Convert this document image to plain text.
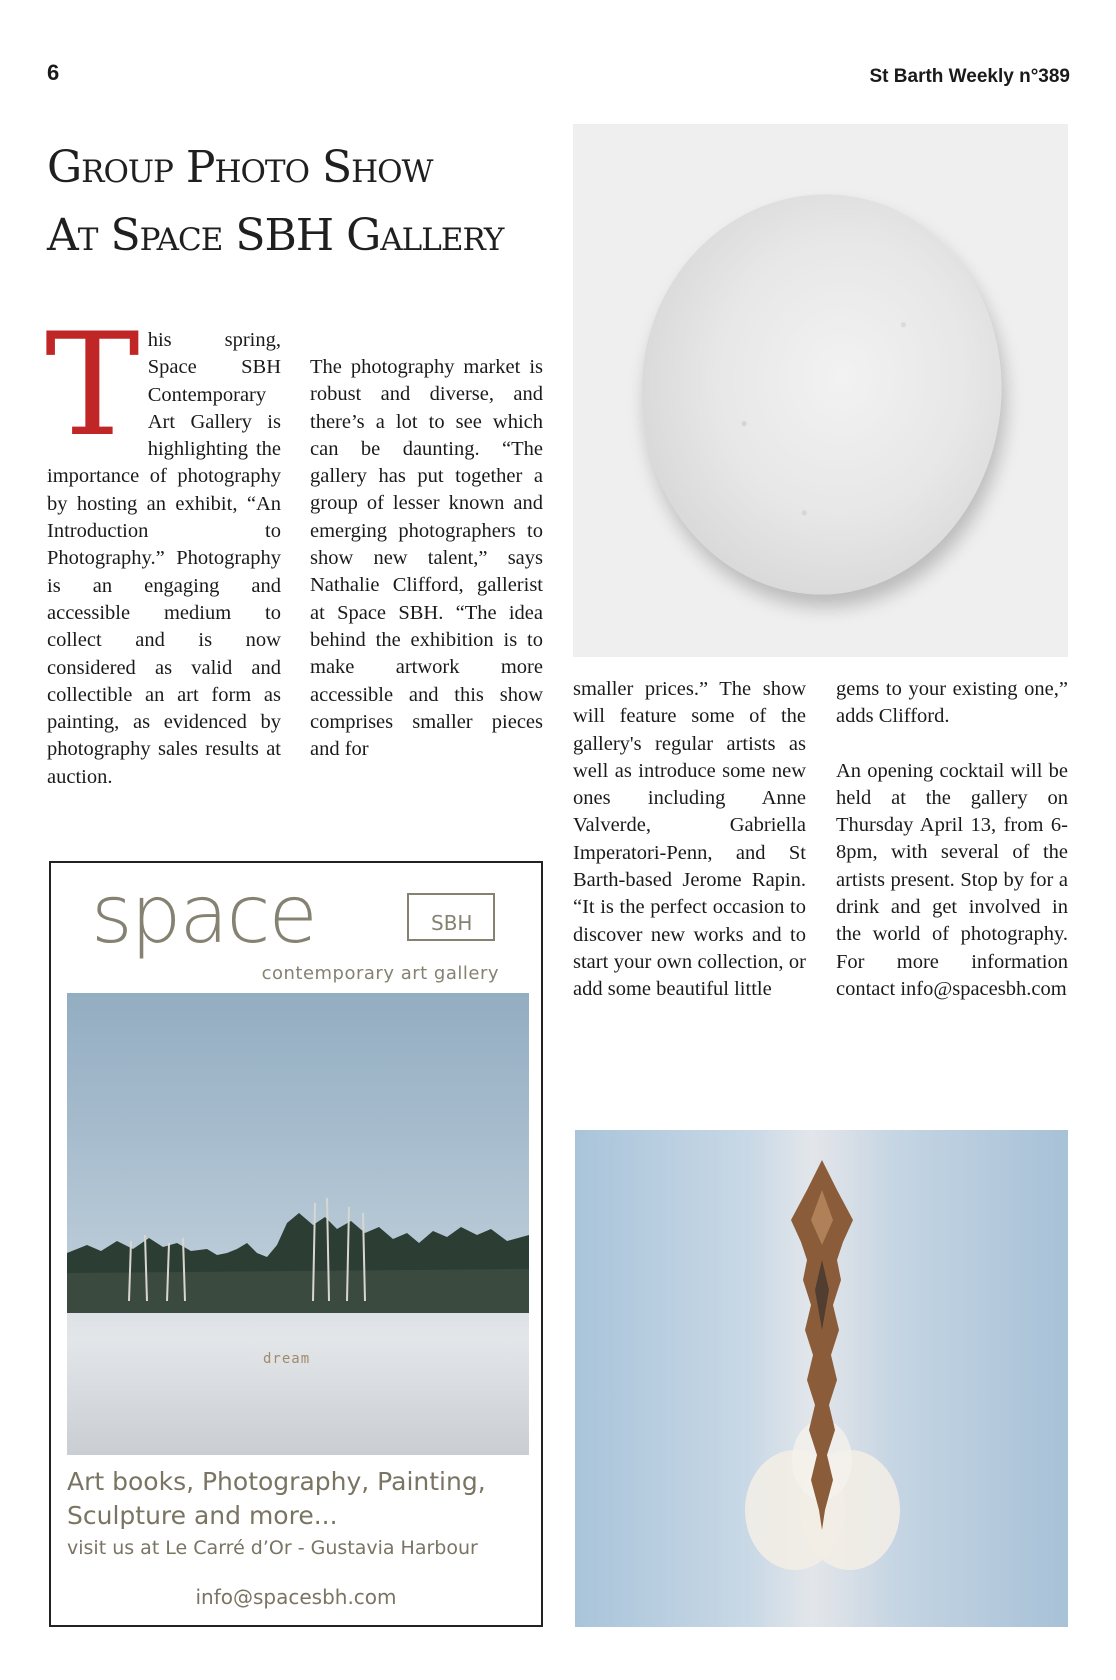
6	St Barth Weekly n°389
Group Photo Show
At Space SBH Gallery
T his spring, Space SBH Contemporary Art Gallery is highlighting the importance of photography by hosting an exhibit, “An Introduction to Photography.” Photography is an engaging and accessible medium to collect and is now considered as valid and collectible an art form as painting, as evidenced by photography sales results at auction.

The photography market is robust and diverse, and there’s a lot to see which can be daunting. “The gallery has put together a group of lesser known and emerging photographers to show new talent,” says Nathalie Clifford, gallerist at Space SBH. “The idea behind the exhibition is to make artwork more accessible and this show comprises smaller pieces and for

smaller prices.” The show will feature some of the gallery's regular artists as well as introduce some new ones including Anne Valverde, Gabriella Imperatori-Penn, and St Barth-based Jerome Rapin. “It is the perfect occasion to discover new works and to start your own collection, or add some beautiful little

gems to your existing one,” adds Clifford.

An opening cocktail will be held at the gallery on Thursday April 13, from 6-8pm, with several of the artists present. Stop by for a drink and get involved in the world of photography. For more information contact info@spacesbh.com

space	SBH
contemporary art gallery
dream
Art books, Photography, Painting,
Sculpture and more...
visit us at Le Carré d’Or - Gustavia Harbour
info@spacesbh.com
